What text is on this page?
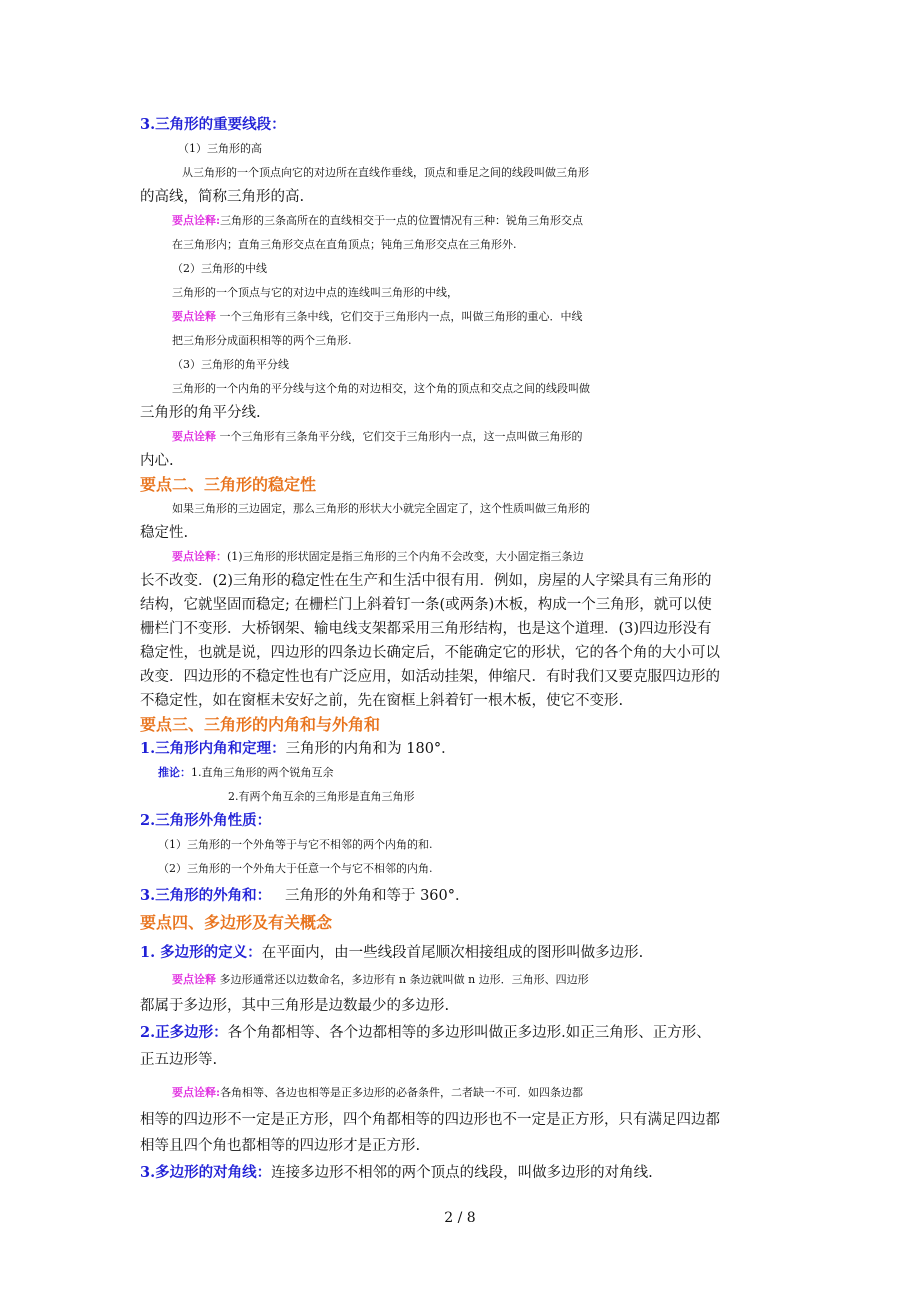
3.三角形的重要线段：
（1）三角形的高
从三角形的一个顶点向它的对边所在直线作垂线，顶点和垂足之间的线段叫做三角形
的高线，简称三角形的高.
要点诠释:三角形的三条高所在的直线相交于一点的位置情况有三种：锐角三角形交点
在三角形内；直角三角形交点在直角顶点；钝角三角形交点在三角形外.
（2）三角形的中线
三角形的一个顶点与它的对边中点的连线叫三角形的中线，
要点诠释 一个三角形有三条中线，它们交于三角形内一点，叫做三角形的重心．中线
把三角形分成面积相等的两个三角形.
（3）三角形的角平分线
三角形的一个内角的平分线与这个角的对边相交，这个角的顶点和交点之间的线段叫做
三角形的角平分线.
要点诠释 一个三角形有三条角平分线，它们交于三角形内一点，这一点叫做三角形的
内心.
要点二、三角形的稳定性
如果三角形的三边固定，那么三角形的形状大小就完全固定了，这个性质叫做三角形的
稳定性.
要点诠释：(1)三角形的形状固定是指三角形的三个内角不会改变，大小固定指三条边
长不改变．(2)三角形的稳定性在生产和生活中很有用．例如，房屋的人字梁具有三角形的
结构，它就坚固而稳定; 在栅栏门上斜着钉一条(或两条)木板，构成一个三角形，就可以使
栅栏门不变形．大桥钢架、输电线支架都采用三角形结构，也是这个道理．(3)四边形没有
稳定性，也就是说，四边形的四条边长确定后，不能确定它的形状，它的各个角的大小可以
改变．四边形的不稳定性也有广泛应用，如活动挂架，伸缩尺．有时我们又要克服四边形的
不稳定性，如在窗框未安好之前，先在窗框上斜着钉一根木板，使它不变形.
要点三、三角形的内角和与外角和
1.三角形内角和定理：三角形的内角和为 180°．
推论：1.直角三角形的两个锐角互余
2.有两个角互余的三角形是直角三角形
2.三角形外角性质：
（1）三角形的一个外角等于与它不相邻的两个内角的和.
（2）三角形的一个外角大于任意一个与它不相邻的内角.
3.三角形的外角和： 三角形的外角和等于 360°．
要点四、多边形及有关概念
1. 多边形的定义：在平面内，由一些线段首尾顺次相接组成的图形叫做多边形.
要点诠释 多边形通常还以边数命名，多边形有 n 条边就叫做 n 边形．三角形、四边形
都属于多边形，其中三角形是边数最少的多边形.
2.正多边形：各个角都相等、各个边都相等的多边形叫做正多边形.如正三角形、正方形、
正五边形等.
要点诠释:各角相等、各边也相等是正多边形的必备条件，二者缺一不可．如四条边都
相等的四边形不一定是正方形，四个角都相等的四边形也不一定是正方形，只有满足四边都
相等且四个角也都相等的四边形才是正方形.
3.多边形的对角线：连接多边形不相邻的两个顶点的线段，叫做多边形的对角线.
2 / 8
